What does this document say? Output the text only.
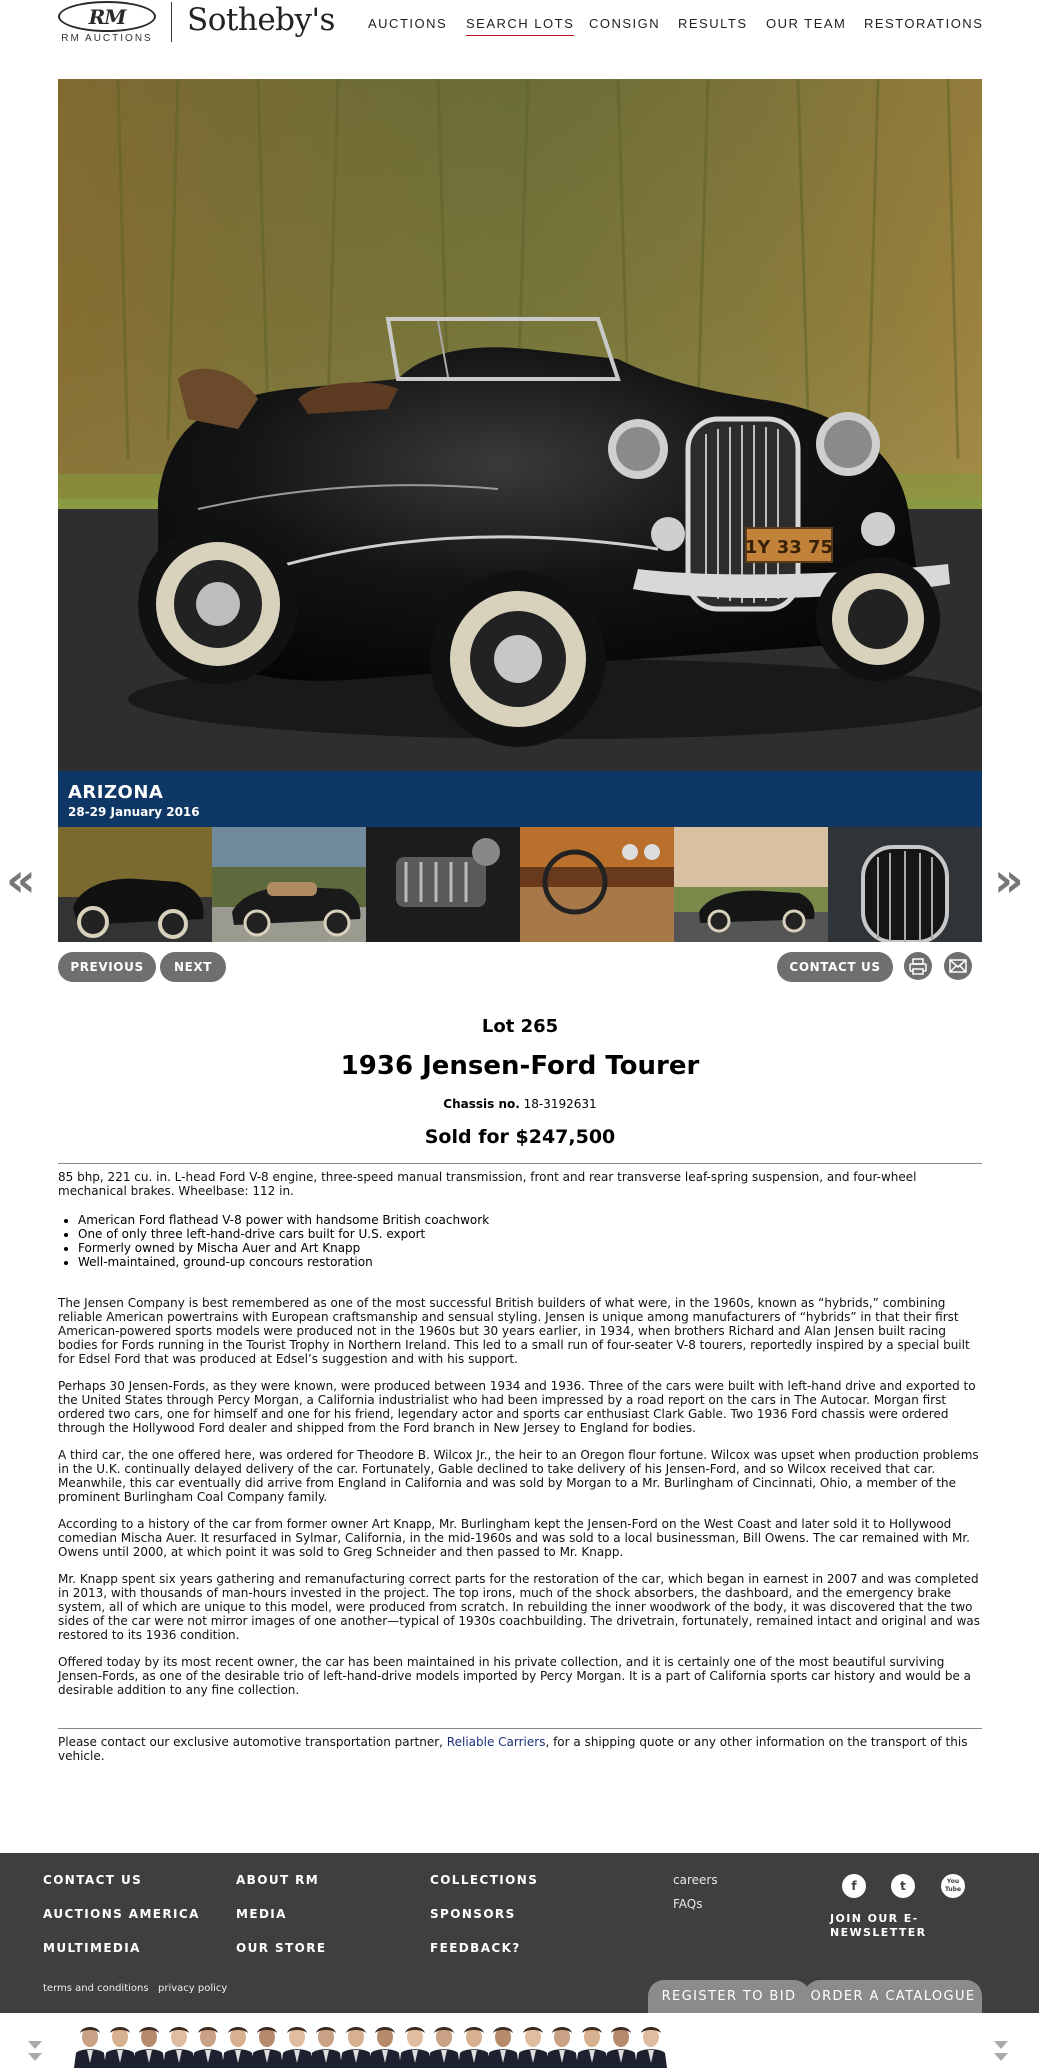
RM
RM AUCTIONS
Sotheby's	AUCTIONS SEARCH LOTS CONSIGN RESULTS OUR TEAM RESTORATIONS
1Y 33 75
ARIZONA
28-29 January 2016
«	»
PREVIOUS	NEXT	CONTACT US
Lot 265
1936 Jensen-Ford Tourer
Chassis no. 18-3192631
Sold for $247,500
85 bhp, 221 cu. in. L-head Ford V-8 engine, three-speed manual transmission, front and rear transverse leaf-spring suspension, and four-wheel mechanical brakes. Wheelbase: 112 in.
• American Ford flathead V-8 power with handsome British coachwork
• One of only three left-hand-drive cars built for U.S. export
• Formerly owned by Mischa Auer and Art Knapp
• Well-maintained, ground-up concours restoration

The Jensen Company is best remembered as one of the most successful British builders of what were, in the 1960s, known as “hybrids,” combining reliable American powertrains with European craftsmanship and sensual styling. Jensen is unique among manufacturers of “hybrids” in that their first American-powered sports models were produced not in the 1960s but 30 years earlier, in 1934, when brothers Richard and Alan Jensen built racing bodies for Fords running in the Tourist Trophy in Northern Ireland. This led to a small run of four-seater V-8 tourers, reportedly inspired by a special built for Edsel Ford that was produced at Edsel’s suggestion and with his support.

Perhaps 30 Jensen-Fords, as they were known, were produced between 1934 and 1936. Three of the cars were built with left-hand drive and exported to the United States through Percy Morgan, a California industrialist who had been impressed by a road report on the cars in The Autocar. Morgan first ordered two cars, one for himself and one for his friend, legendary actor and sports car enthusiast Clark Gable. Two 1936 Ford chassis were ordered through the Hollywood Ford dealer and shipped from the Ford branch in New Jersey to England for bodies.

A third car, the one offered here, was ordered for Theodore B. Wilcox Jr., the heir to an Oregon flour fortune. Wilcox was upset when production problems in the U.K. continually delayed delivery of the car. Fortunately, Gable declined to take delivery of his Jensen-Ford, and so Wilcox received that car. Meanwhile, this car eventually did arrive from England in California and was sold by Morgan to a Mr. Burlingham of Cincinnati, Ohio, a member of the prominent Burlingham Coal Company family.

According to a history of the car from former owner Art Knapp, Mr. Burlingham kept the Jensen-Ford on the West Coast and later sold it to Hollywood comedian Mischa Auer. It resurfaced in Sylmar, California, in the mid-1960s and was sold to a local businessman, Bill Owens. The car remained with Mr. Owens until 2000, at which point it was sold to Greg Schneider and then passed to Mr. Knapp.

Mr. Knapp spent six years gathering and remanufacturing correct parts for the restoration of the car, which began in earnest in 2007 and was completed in 2013, with thousands of man-hours invested in the project. The top irons, much of the shock absorbers, the dashboard, and the emergency brake system, all of which are unique to this model, were produced from scratch. In rebuilding the inner woodwork of the body, it was discovered that the two sides of the car were not mirror images of one another—typical of 1930s coachbuilding. The drivetrain, fortunately, remained intact and original and was restored to its 1936 condition.

Offered today by its most recent owner, the car has been maintained in his private collection, and it is certainly one of the most beautiful surviving Jensen-Fords, as one of the desirable trio of left-hand-drive models imported by Percy Morgan. It is a part of California sports car history and would be a desirable addition to any fine collection.

Please contact our exclusive automotive transportation partner, Reliable Carriers, for a shipping quote or any other information on the transport of this vehicle.
CONTACT US
AUCTIONS AMERICA
MULTIMEDIA
ABOUT RM
MEDIA
OUR STORE
COLLECTIONS
SPONSORS
FEEDBACK?
careers
FAQs
f	t	You Tube
JOIN OUR E-
NEWSLETTER
terms and conditions privacy policy
REGISTER TO BID	ORDER A CATALOGUE
